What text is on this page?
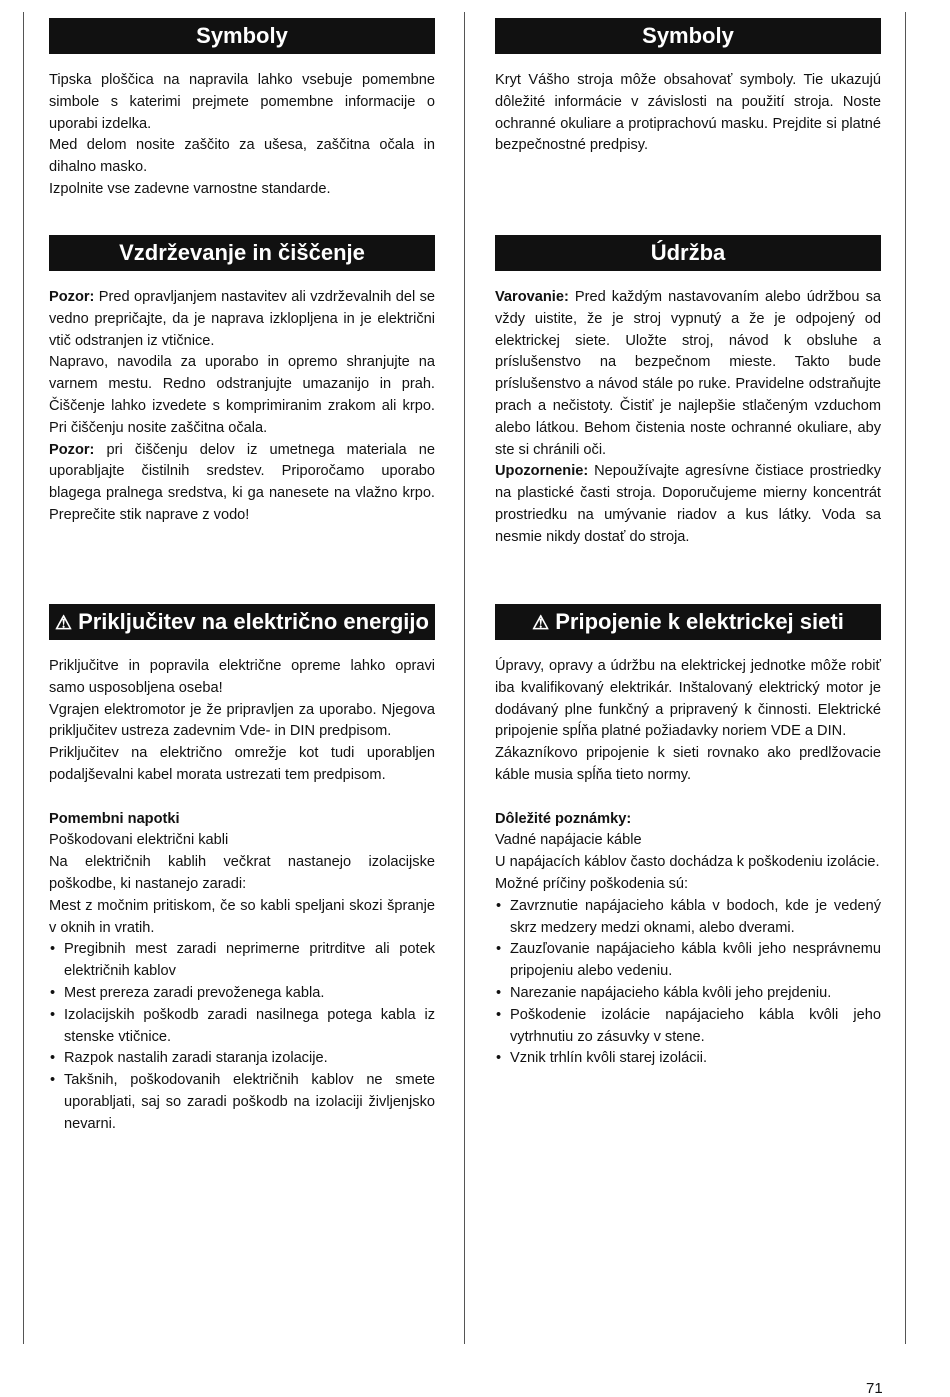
Symboly

Tipska ploščica na napravila lahko vsebuje pomembne simbole s katerimi prejmete pomembne informacije o uporabi izdelka.

Med delom nosite zaščito za ušesa, zaščitna očala in dihalno masko.

Izpolnite vse zadevne varnostne standarde.

Vzdrževanje in čiščenje

Pozor: Pred opravljanjem nastavitev ali vzdrževalnih del se vedno prepričajte, da je naprava izklopljena in je električni vtič odstranjen iz vtičnice.

Napravo, navodila za uporabo in opremo shranjujte na varnem mestu. Redno odstranjujte umazanijo in prah. Čiščenje lahko izvedete s komprimiranim zrakom ali krpo. Pri čiščenju nosite zaščitna očala.

Pozor: pri čiščenju delov iz umetnega materiala ne uporabljajte čistilnih sredstev. Priporočamo uporabo blagega pralnega sredstva, ki ga nanesete na vlažno krpo. Preprečite stik naprave z vodo!

⚠ Priključitev na električno energijo

Priključitve in popravila električne opreme lahko opravi samo usposobljena oseba!

Vgrajen elektromotor je že pripravljen za uporabo. Njegova priključitev ustreza zadevnim Vde- in DIN predpisom.

Priključitev na električno omrežje kot tudi uporabljen podaljševalni kabel morata ustrezati tem predpisom.

Pomembni napotki

Poškodovani električni kabli

Na električnih kablih večkrat nastanejo izolacijske poškodbe, ki nastanejo zaradi:

Mest z močnim pritiskom, če so kabli speljani skozi špranje v oknih in vratih.

• Pregibnih mest zaradi neprimerne pritrditve ali potek električnih kablov
• Mest prereza zaradi prevoženega kabla.
• Izolacijskih poškodb zaradi nasilnega potega kabla iz stenske vtičnice.
• Razpok nastalih zaradi staranja izolacije.
• Takšnih, poškodovanih električnih kablov ne smete uporabljati, saj so zaradi poškodb na izolaciji življenjsko nevarni.
Symboly

Kryt Vášho stroja môže obsahovať symboly. Tie ukazujú dôležité informácie v závislosti na použití stroja. Noste ochranné okuliare a protiprachovú masku. Prejdite si platné bezpečnostné predpisy.

Údržba

Varovanie: Pred každým nastavovaním alebo údržbou sa vždy uistite, že je stroj vypnutý a že je odpojený od elektrickej siete. Uložte stroj, návod k obsluhe a príslušenstvo na bezpečnom mieste. Takto bude príslušenstvo a návod stále po ruke. Pravidelne odstraňujte prach a nečistoty. Čistiť je najlepšie stlačeným vzduchom alebo látkou. Behom čistenia noste ochranné okuliare, aby ste si chránili oči.

Upozornenie: Nepoužívajte agresívne čistiace prostriedky na plastické časti stroja. Doporučujeme mierny koncentrát prostriedku na umývanie riadov a kus látky. Voda sa nesmie nikdy dostať do stroja.

⚠ Pripojenie k elektrickej sieti

Úpravy, opravy a údržbu na elektrickej jednotke môže robiť iba kvalifikovaný elektrikár. Inštalovaný elektrický motor je dodávaný plne funkčný a pripravený k činnosti. Elektrické pripojenie spĺňa platné požiadavky noriem VDE a DIN.

Zákazníkovo pripojenie k sieti rovnako ako predlžovacie káble musia spĺňa tieto normy.

Dôležité poznámky:

Vadné napájacie káble

U napájacích káblov často dochádza k poškodeniu izolácie.

Možné príčiny poškodenia sú:

• Zavrznutie napájacieho kábla v bodoch, kde je vedený skrz medzery medzi oknami, alebo dverami.
• Zauzľovanie napájacieho kábla kvôli jeho nesprávnemu pripojeniu alebo vedeniu.
• Narezanie napájacieho kábla kvôli jeho prejdeniu.
• Poškodenie izolácie napájacieho kábla kvôli jeho vytrhnutiu zo zásuvky v stene.
• Vznik trhlín kvôli starej izolácii.
71
